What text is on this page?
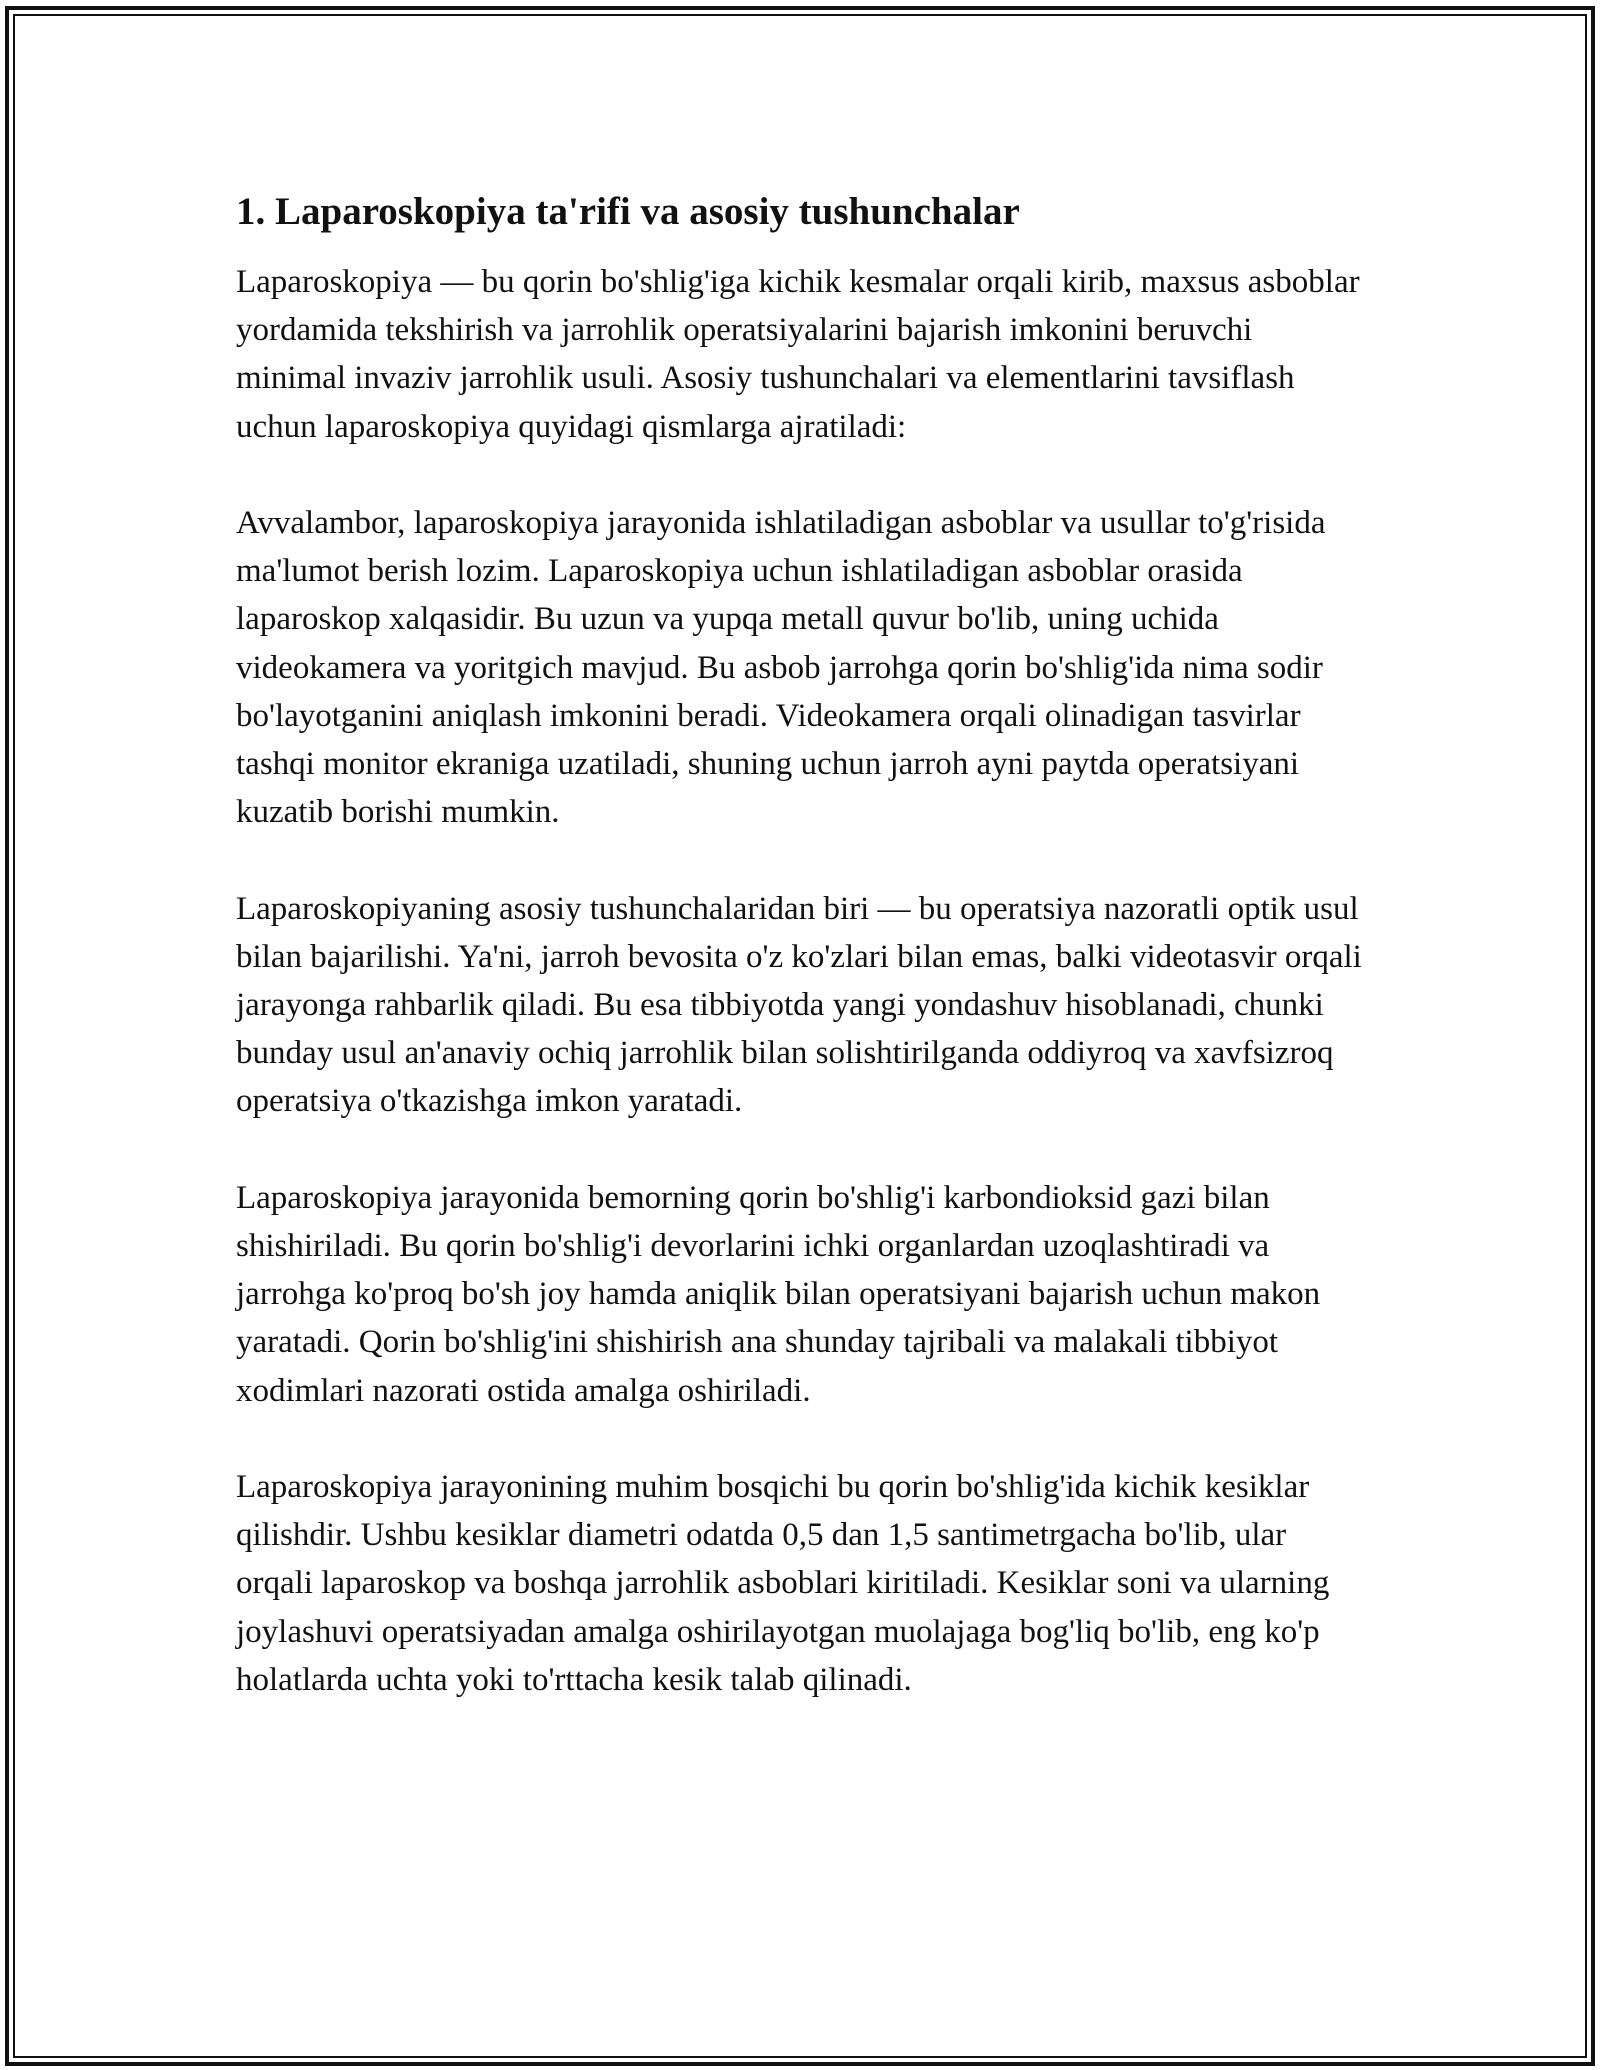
1. Laparoskopiya ta'rifi va asosiy tushunchalar

Laparoskopiya — bu qorin bo'shlig'iga kichik kesmalar orqali kirib, maxsus asboblar yordamida tekshirish va jarrohlik operatsiyalarini bajarish imkonini beruvchi minimal invaziv jarrohlik usuli. Asosiy tushunchalari va elementlarini tavsiflash uchun laparoskopiya quyidagi qismlarga ajratiladi:

Avvalambor, laparoskopiya jarayonida ishlatiladigan asboblar va usullar to'g'risida ma'lumot berish lozim. Laparoskopiya uchun ishlatiladigan asboblar orasida laparoskop xalqasidir. Bu uzun va yupqa metall quvur bo'lib, uning uchida videokamera va yoritgich mavjud. Bu asbob jarrohga qorin bo'shlig'ida nima sodir bo'layotganini aniqlash imkonini beradi. Videokamera orqali olinadigan tasvirlar tashqi monitor ekraniga uzatiladi, shuning uchun jarroh ayni paytda operatsiyani kuzatib borishi mumkin.

Laparoskopiyaning asosiy tushunchalaridan biri — bu operatsiya nazoratli optik usul bilan bajarilishi. Ya'ni, jarroh bevosita o'z ko'zlari bilan emas, balki videotasvir orqali jarayonga rahbarlik qiladi. Bu esa tibbiyotda yangi yondashuv hisoblanadi, chunki bunday usul an'anaviy ochiq jarrohlik bilan solishtirilganda oddiyroq va xavfsizroq operatsiya o'tkazishga imkon yaratadi.

Laparoskopiya jarayonida bemorning qorin bo'shlig'i karbondioksid gazi bilan shishiriladi. Bu qorin bo'shlig'i devorlarini ichki organlardan uzoqlashtiradi va jarrohga ko'proq bo'sh joy hamda aniqlik bilan operatsiyani bajarish uchun makon yaratadi. Qorin bo'shlig'ini shishirish ana shunday tajribali va malakali tibbiyot xodimlari nazorati ostida amalga oshiriladi.

Laparoskopiya jarayonining muhim bosqichi bu qorin bo'shlig'ida kichik kesiklar qilishdir. Ushbu kesiklar diametri odatda 0,5 dan 1,5 santimetrgacha bo'lib, ular orqali laparoskop va boshqa jarrohlik asboblari kiritiladi. Kesiklar soni va ularning joylashuvi operatsiyadan amalga oshirilayotgan muolajaga bog'liq bo'lib, eng ko'p holatlarda uchta yoki to'rttacha kesik talab qilinadi.
